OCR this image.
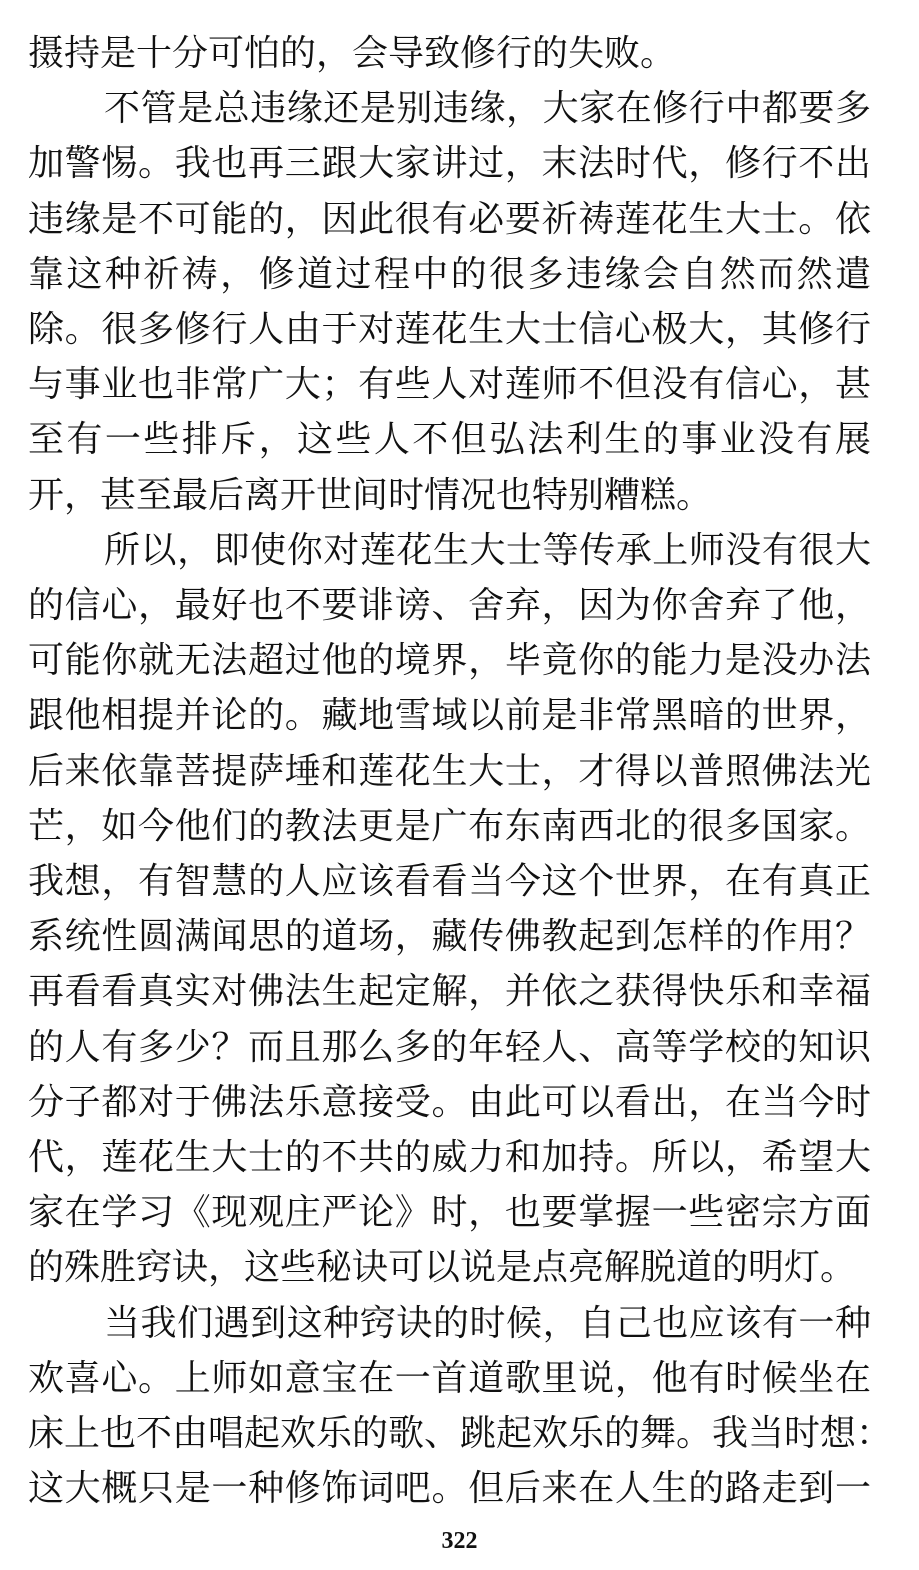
摄持是十分可怕的，会导致修行的失败。
不管是总违缘还是别违缘，大家在修行中都要多
加警惕。我也再三跟大家讲过，末法时代，修行不出
违缘是不可能的，因此很有必要祈祷莲花生大士。依
靠这种祈祷，修道过程中的很多违缘会自然而然遣
除。很多修行人由于对莲花生大士信心极大，其修行
与事业也非常广大；有些人对莲师不但没有信心，甚
至有一些排斥，这些人不但弘法利生的事业没有展
开，甚至最后离开世间时情况也特别糟糕。
所以，即使你对莲花生大士等传承上师没有很大
的信心，最好也不要诽谤、舍弃，因为你舍弃了他，
可能你就无法超过他的境界，毕竟你的能力是没办法
跟他相提并论的。藏地雪域以前是非常黑暗的世界，
后来依靠菩提萨埵和莲花生大士，才得以普照佛法光
芒，如今他们的教法更是广布东南西北的很多国家。
我想，有智慧的人应该看看当今这个世界，在有真正
系统性圆满闻思的道场，藏传佛教起到怎样的作用？
再看看真实对佛法生起定解，并依之获得快乐和幸福
的人有多少？而且那么多的年轻人、高等学校的知识
分子都对于佛法乐意接受。由此可以看出，在当今时
代，莲花生大士的不共的威力和加持。所以，希望大
家在学习《现观庄严论》时，也要掌握一些密宗方面
的殊胜窍诀，这些秘诀可以说是点亮解脱道的明灯。
当我们遇到这种窍诀的时候，自己也应该有一种
欢喜心。上师如意宝在一首道歌里说，他有时候坐在
床上也不由唱起欢乐的歌、跳起欢乐的舞。我当时想：
322
这大概只是一种修饰词吧。但后来在人生的路走到一
